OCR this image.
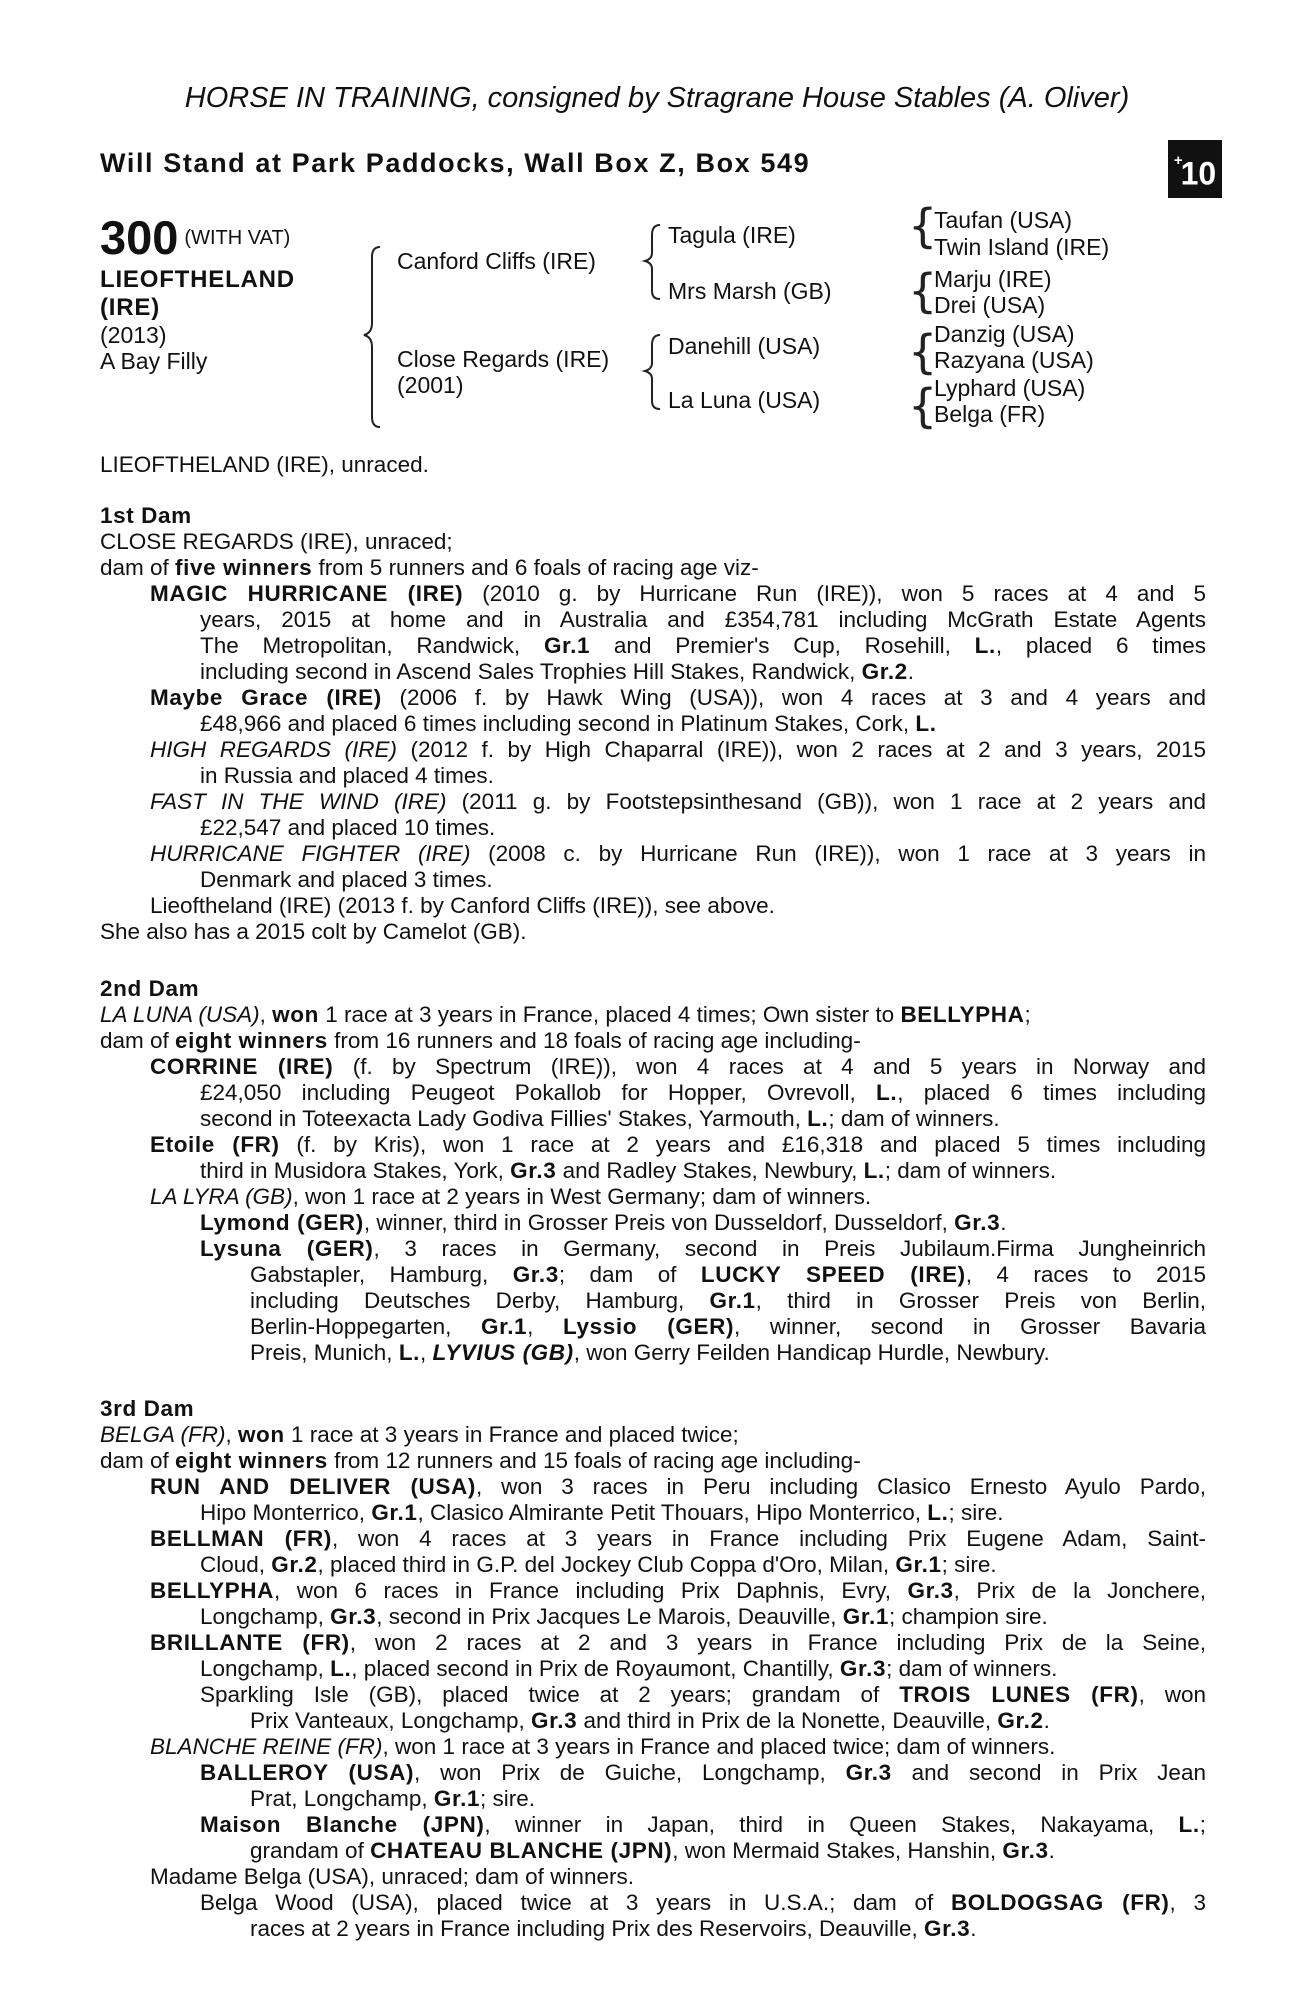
HORSE IN TRAINING, consigned by Stragrane House Stables (A. Oliver)
Will Stand at Park Paddocks, Wall Box Z, Box 549	+10
300 $^{(WITH VAT)}$
LIEOFTHELAND
(IRE)
(2013)
A Bay Filly
Canford Cliffs (IRE)
Close Regards (IRE)
(2001)
Tagula (IRE)
Mrs Marsh (GB)
Danehill (USA)
La Luna (USA)
{
{
{
{
Taufan (USA)
Twin Island (IRE)
Marju (IRE)
Drei (USA)
Danzig (USA)
Razyana (USA)
Lyphard (USA)
Belga (FR)
LIEOFTHELAND (IRE), unraced.
1st Dam
CLOSE REGARDS (IRE), unraced;
dam of five winners from 5 runners and 6 foals of racing age viz-
MAGIC HURRICANE (IRE) (2010 g. by Hurricane Run (IRE)), won 5 races at 4 and 5
years, 2015 at home and in Australia and £354,781 including McGrath Estate Agents
The Metropolitan, Randwick, Gr.1 and Premier's Cup, Rosehill, L., placed 6 times
including second in Ascend Sales Trophies Hill Stakes, Randwick, Gr.2.
Maybe Grace (IRE) (2006 f. by Hawk Wing (USA)), won 4 races at 3 and 4 years and
£48,966 and placed 6 times including second in Platinum Stakes, Cork, L.
HIGH REGARDS (IRE) (2012 f. by High Chaparral (IRE)), won 2 races at 2 and 3 years, 2015
in Russia and placed 4 times.
FAST IN THE WIND (IRE) (2011 g. by Footstepsinthesand (GB)), won 1 race at 2 years and
£22,547 and placed 10 times.
HURRICANE FIGHTER (IRE) (2008 c. by Hurricane Run (IRE)), won 1 race at 3 years in
Denmark and placed 3 times.
Lieoftheland (IRE) (2013 f. by Canford Cliffs (IRE)), see above.
She also has a 2015 colt by Camelot (GB).
2nd Dam
LA LUNA (USA), won 1 race at 3 years in France, placed 4 times; Own sister to BELLYPHA;
dam of eight winners from 16 runners and 18 foals of racing age including-
CORRINE (IRE) (f. by Spectrum (IRE)), won 4 races at 4 and 5 years in Norway and
£24,050 including Peugeot Pokallob for Hopper, Ovrevoll, L., placed 6 times including
second in Toteexacta Lady Godiva Fillies' Stakes, Yarmouth, L.; dam of winners.
Etoile (FR) (f. by Kris), won 1 race at 2 years and £16,318 and placed 5 times including
third in Musidora Stakes, York, Gr.3 and Radley Stakes, Newbury, L.; dam of winners.
LA LYRA (GB), won 1 race at 2 years in West Germany; dam of winners.
Lymond (GER), winner, third in Grosser Preis von Dusseldorf, Dusseldorf, Gr.3.
Lysuna (GER), 3 races in Germany, second in Preis Jubilaum.Firma Jungheinrich
Gabstapler, Hamburg, Gr.3; dam of LUCKY SPEED (IRE), 4 races to 2015
including Deutsches Derby, Hamburg, Gr.1, third in Grosser Preis von Berlin,
Berlin-Hoppegarten, Gr.1, Lyssio (GER), winner, second in Grosser Bavaria
Preis, Munich, L., LYVIUS (GB), won Gerry Feilden Handicap Hurdle, Newbury.
3rd Dam
BELGA (FR), won 1 race at 3 years in France and placed twice;
dam of eight winners from 12 runners and 15 foals of racing age including-
RUN AND DELIVER (USA), won 3 races in Peru including Clasico Ernesto Ayulo Pardo,
Hipo Monterrico, Gr.1, Clasico Almirante Petit Thouars, Hipo Monterrico, L.; sire.
BELLMAN (FR), won 4 races at 3 years in France including Prix Eugene Adam, Saint-
Cloud, Gr.2, placed third in G.P. del Jockey Club Coppa d'Oro, Milan, Gr.1; sire.
BELLYPHA, won 6 races in France including Prix Daphnis, Evry, Gr.3, Prix de la Jonchere,
Longchamp, Gr.3, second in Prix Jacques Le Marois, Deauville, Gr.1; champion sire.
BRILLANTE (FR), won 2 races at 2 and 3 years in France including Prix de la Seine,
Longchamp, L., placed second in Prix de Royaumont, Chantilly, Gr.3; dam of winners.
Sparkling Isle (GB), placed twice at 2 years; grandam of TROIS LUNES (FR), won
Prix Vanteaux, Longchamp, Gr.3 and third in Prix de la Nonette, Deauville, Gr.2.
BLANCHE REINE (FR), won 1 race at 3 years in France and placed twice; dam of winners.
BALLEROY (USA), won Prix de Guiche, Longchamp, Gr.3 and second in Prix Jean
Prat, Longchamp, Gr.1; sire.
Maison Blanche (JPN), winner in Japan, third in Queen Stakes, Nakayama, L.;
grandam of CHATEAU BLANCHE (JPN), won Mermaid Stakes, Hanshin, Gr.3.
Madame Belga (USA), unraced; dam of winners.
Belga Wood (USA), placed twice at 3 years in U.S.A.; dam of BOLDOGSAG (FR), 3
races at 2 years in France including Prix des Reservoirs, Deauville, Gr.3.
